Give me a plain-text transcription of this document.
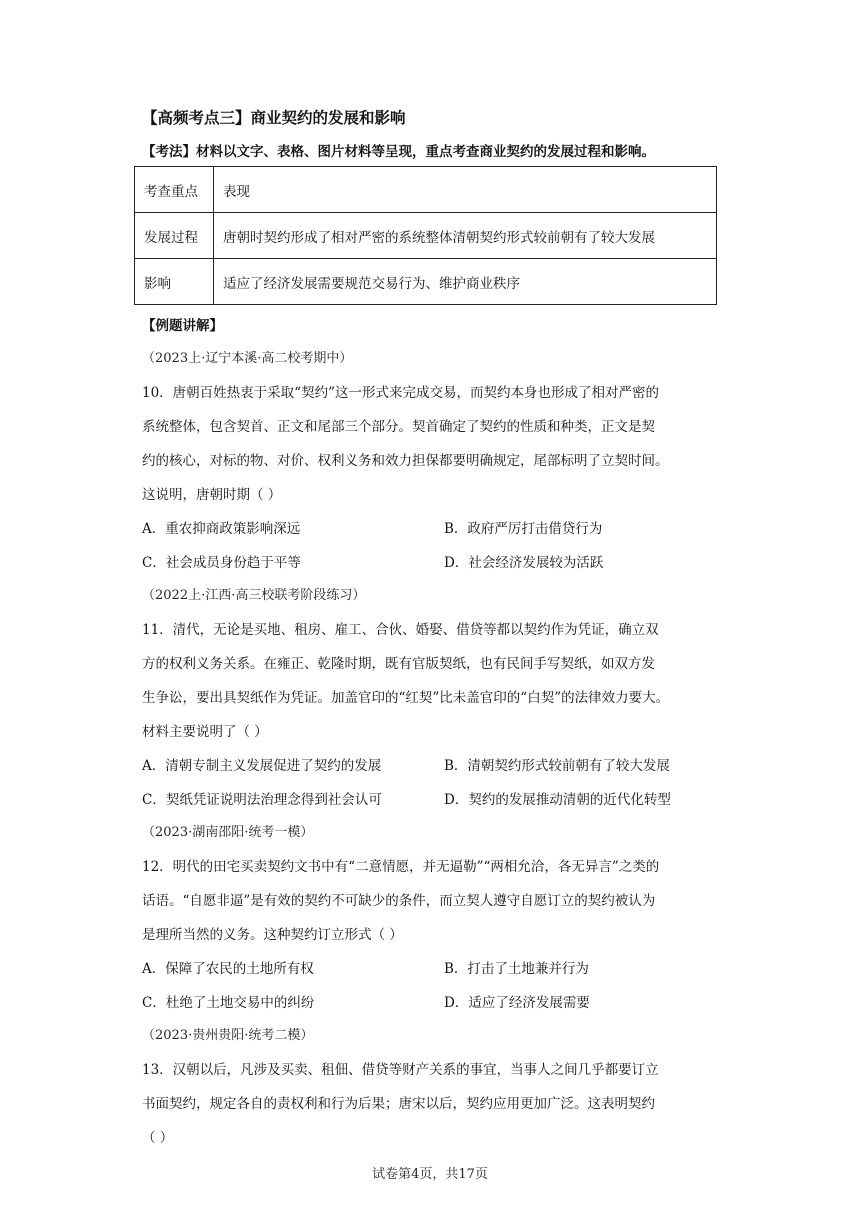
【高频考点三】商业契约的发展和影响
【考法】材料以文字、表格、图片材料等呈现，重点考查商业契约的发展过程和影响。
考查重点	表现
发展过程	唐朝时契约形成了相对严密的系统整体清朝契约形式较前朝有了较大发展
影响	适应了经济发展需要规范交易行为、维护商业秩序
【例题讲解】
（2023上·辽宁本溪·高二校考期中）
10．唐朝百姓热衷于采取“契约”这一形式来完成交易，而契约本身也形成了相对严密的
系统整体，包含契首、正文和尾部三个部分。契首确定了契约的性质和种类，正文是契
约的核心，对标的物、对价、权利义务和效力担保都要明确规定，尾部标明了立契时间。
这说明，唐朝时期（ ）
A．重农抑商政策影响深远	B．政府严厉打击借贷行为
C．社会成员身份趋于平等	D．社会经济发展较为活跃
（2022上·江西·高三校联考阶段练习）
11．清代，无论是买地、租房、雇工、合伙、婚娶、借贷等都以契约作为凭证，确立双
方的权利义务关系。在雍正、乾隆时期，既有官版契纸，也有民间手写契纸，如双方发
生争讼，要出具契纸作为凭证。加盖官印的“红契”比未盖官印的“白契”的法律效力要大。
材料主要说明了（ ）
A．清朝专制主义发展促进了契约的发展	B．清朝契约形式较前朝有了较大发展
C．契纸凭证说明法治理念得到社会认可	D．契约的发展推动清朝的近代化转型
（2023·湖南邵阳·统考一模）
12．明代的田宅买卖契约文书中有“二意情愿，并无逼勒”“两相允洽，各无异言”之类的
话语。“自愿非逼”是有效的契约不可缺少的条件，而立契人遵守自愿订立的契约被认为
是理所当然的义务。这种契约订立形式（ ）
A．保障了农民的土地所有权	B．打击了土地兼并行为
C．杜绝了土地交易中的纠纷	D．适应了经济发展需要
（2023·贵州贵阳·统考二模）
13．汉朝以后，凡涉及买卖、租佃、借贷等财产关系的事宜，当事人之间几乎都要订立
书面契约，规定各自的责权利和行为后果；唐宋以后，契约应用更加广泛。这表明契约
（ ）
试卷第4页，共17页
